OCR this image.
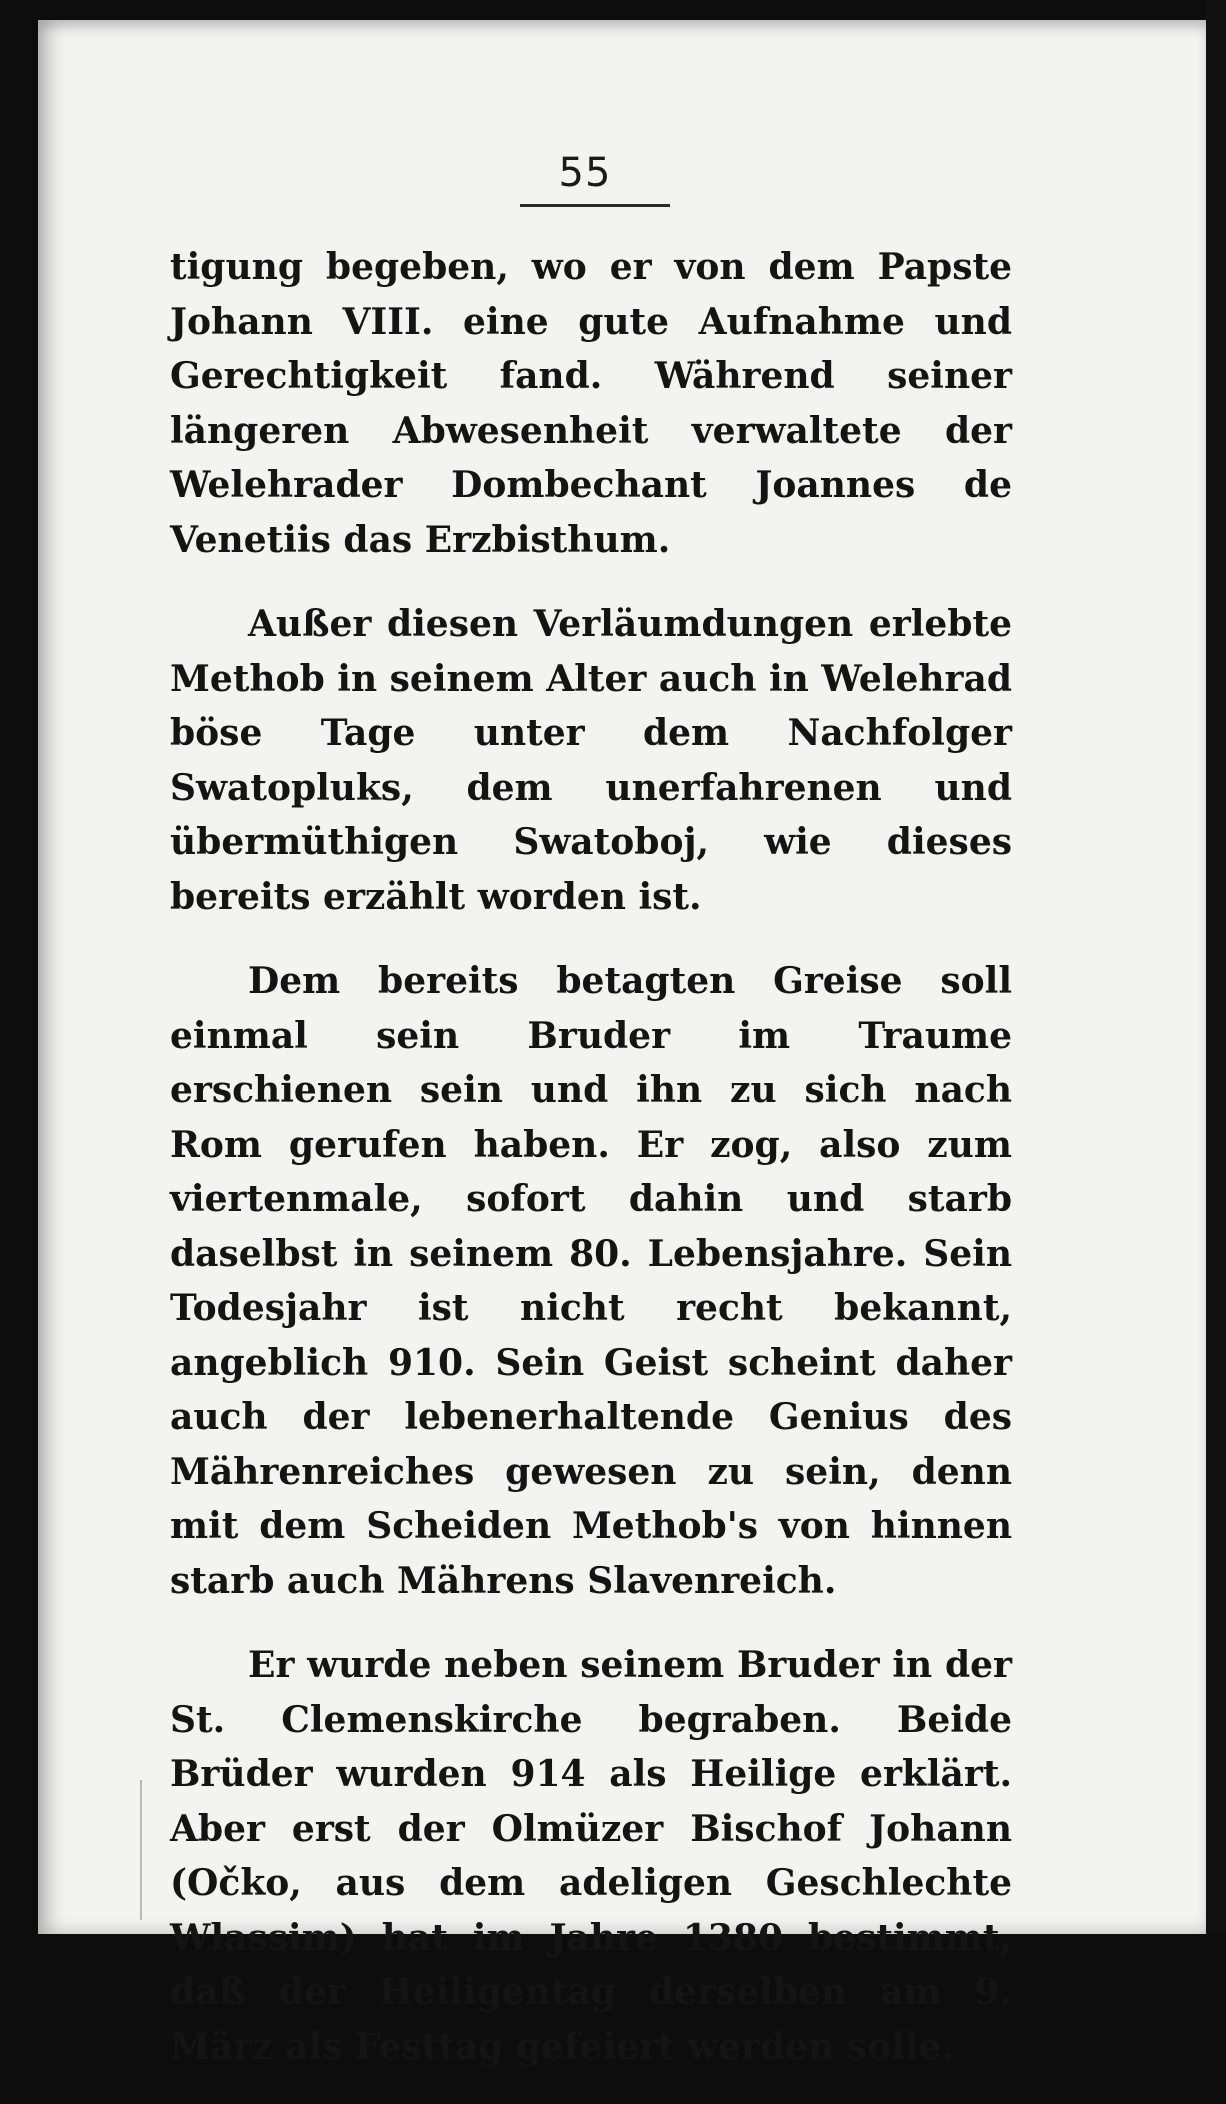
55

tigung begeben, wo er von dem Papste Johann VIII. eine gute Aufnahme und Gerechtigkeit fand. Während seiner längeren Abwesenheit verwaltete der Welehrader Dombechant Joannes de Venetiis das Erzbisthum.

Außer diesen Verläumdungen erlebte Methob in seinem Alter auch in Welehrad böse Tage unter dem Nachfolger Swatopluks, dem unerfahrenen und übermüthigen Swatoboj, wie dieses bereits erzählt worden ist.

Dem bereits betagten Greise soll einmal sein Bruder im Traume erschienen sein und ihn zu sich nach Rom gerufen haben. Er zog, also zum viertenmale, sofort dahin und starb daselbst in seinem 80. Lebensjahre. Sein Todesjahr ist nicht recht bekannt, angeblich 910. Sein Geist scheint daher auch der lebenerhaltende Genius des Mährenreiches gewesen zu sein, denn mit dem Scheiden Methob's von hinnen starb auch Mährens Slavenreich.

Er wurde neben seinem Bruder in der St. Clemenskirche begraben. Beide Brüder wurden 914 als Heilige erklärt. Aber erst der Olmüzer Bischof Johann (Očko, aus dem adeligen Geschlechte Wlassim) hat im Jahre 1380 bestimmt, daß der Heiligentag derselben am 9. März als Festtag gefeiert werden solle.
